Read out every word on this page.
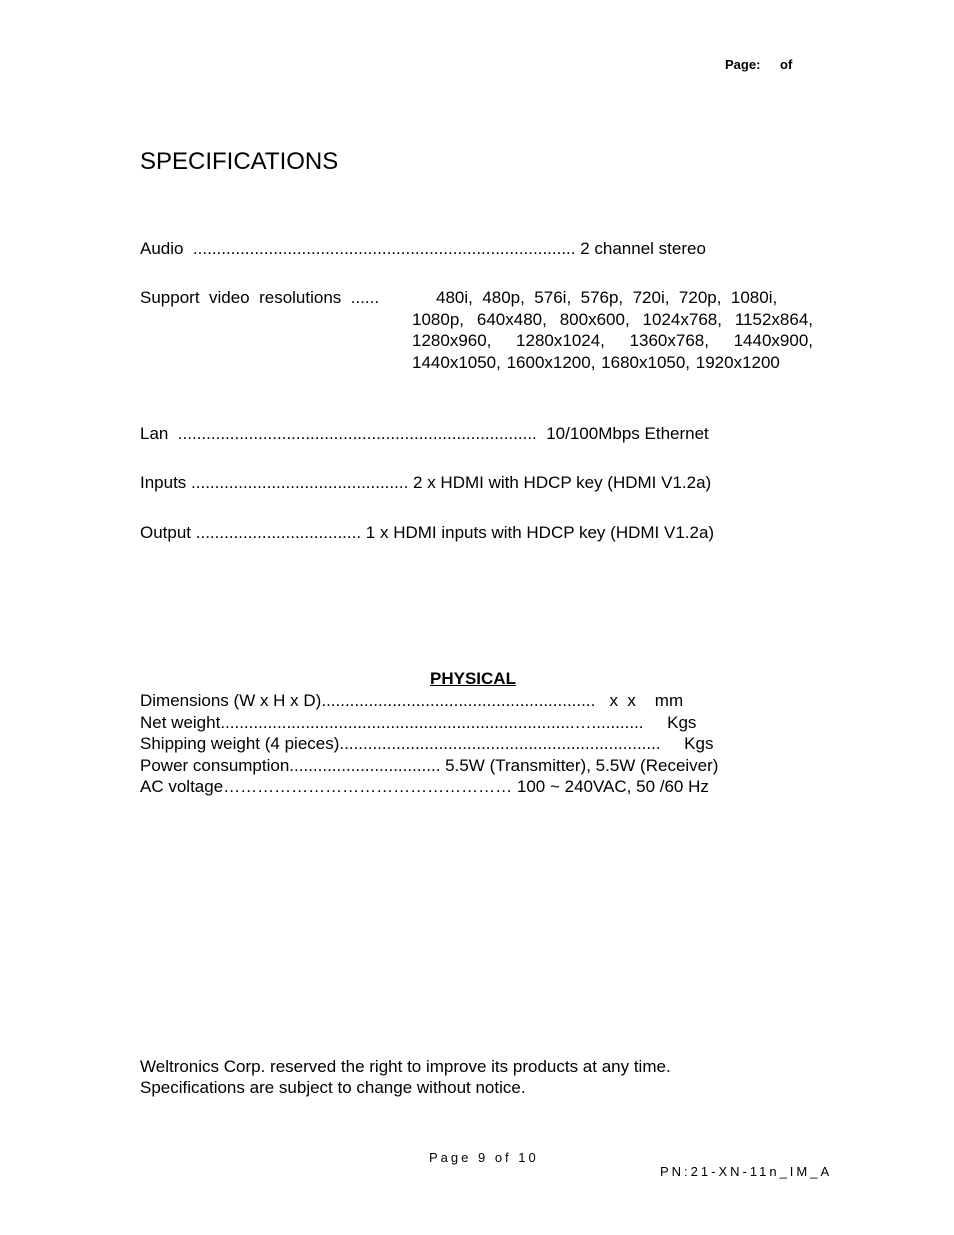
Page: of
SPECIFICATIONS
Audio  ................................................................................. 2 channel stereo
Support  video  resolutions  ......	480i,  480p,  576i,  576p,  720i,  720p,  1080i,
1080p, 640x480, 800x600, 1024x768, 1152x864, 1280x960, 1280x1024, 1360x768, 1440x900, 1440x1050, 1600x1200, 1680x1050, 1920x1200
Lan  ............................................................................  10/100Mbps Ethernet
Inputs .............................................. 2 x HDMI with HDCP key (HDMI V1.2a)
Output ................................... 1 x HDMI inputs with HDCP key (HDMI V1.2a)
PHYSICAL
Dimensions (W x H x D)..........................................................   x  x    mm
Net weight...........................................................................…...........     Kgs
Shipping weight (4 pieces)....................................................................     Kgs
Power consumption................................ 5.5W (Transmitter), 5.5W (Receiver)
AC voltage…………………………………………… 100 ~ 240VAC, 50 /60 Hz
Weltronics Corp. reserved the right to improve its products at any time.
Specifications are subject to change without notice.
Page 9 of 10
PN:21-XN-11n_IM_A
